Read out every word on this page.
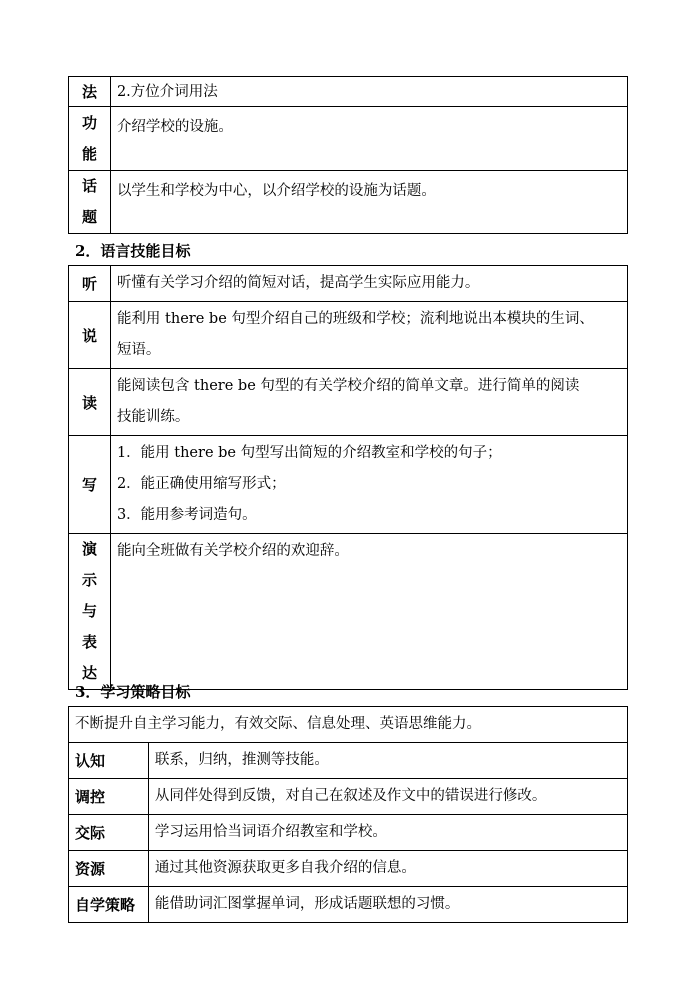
法	2.方位介词用法

功
能	介绍学校的设施。

话
题	以学生和学校为中心，以介绍学校的设施为话题。
2．语言技能目标
听	听懂有关学习介绍的简短对话，提高学生实际应用能力。

说	能利用 there be 句型介绍自己的班级和学校；流利地说出本模块的生词、
短语。

读	能阅读包含 there be 句型的有关学校介绍的简单文章。进行简单的阅读
技能训练。

写	1．能用 there be 句型写出简短的介绍教室和学校的句子；
2．能正确使用缩写形式；
3．能用参考词造句。

演
示
与
表
达	能向全班做有关学校介绍的欢迎辞。
3．学习策略目标
不断提升自主学习能力，有效交际、信息处理、英语思维能力。	
认知	联系，归纳，推测等技能。
调控	从同伴处得到反馈，对自己在叙述及作文中的错误进行修改。
交际	学习运用恰当词语介绍教室和学校。
资源	通过其他资源获取更多自我介绍的信息。
自学策略	能借助词汇图掌握单词，形成话题联想的习惯。
